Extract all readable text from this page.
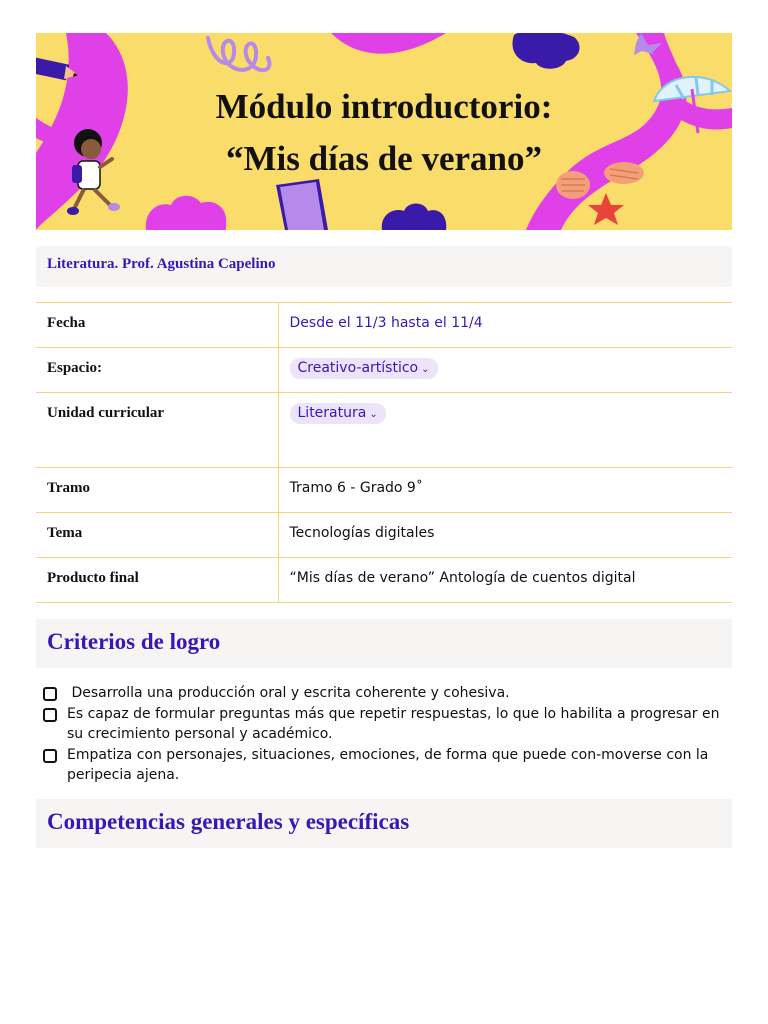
Módulo introductorio:
“Mis días de verano”
Literatura. Prof. Agustina Capelino
Fecha	Desde el 11/3 hasta el 11/4
Espacio:	Creativo-artístico ⌄
Unidad curricular	Literatura ⌄
Tramo	Tramo 6 - Grado 9˚
Tema	Tecnologías digitales
Producto final	“Mis días de verano” Antología de cuentos digital
Criterios de logro
Desarrolla una producción oral y escrita coherente y cohesiva.
Es capaz de formular preguntas más que repetir respuestas, lo que lo habilita a progresar en su crecimiento personal y académico.
Empatiza con personajes, situaciones, emociones, de forma que puede con-moverse con la peripecia ajena.
Competencias generales y específicas
